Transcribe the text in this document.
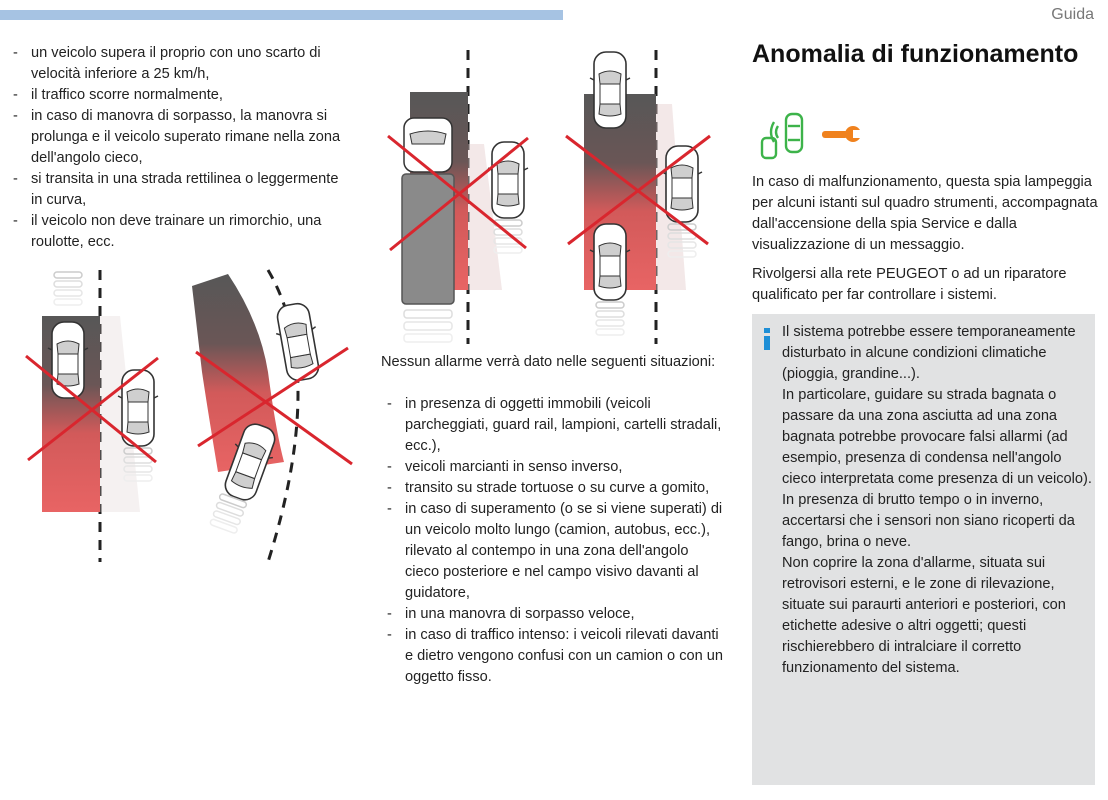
Guida
- un veicolo supera il proprio con uno scarto di velocità inferiore a 25 km/h,
- il traffico scorre normalmente,
- in caso di manovra di sorpasso, la manovra si prolunga e il veicolo superato rimane nella zona dell'angolo cieco,
- si transita in una strada rettilinea o leggermente in curva,
- il veicolo non deve trainare un rimorchio, una roulotte, ecc.
Nessun allarme verrà dato nelle seguenti situazioni:
- in presenza di oggetti immobili (veicoli parcheggiati, guard rail, lampioni, cartelli stradali, ecc.),
- veicoli marcianti in senso inverso,
- transito su strade tortuose o su curve a gomito,
- in caso di superamento (o se si viene superati) di un veicolo molto lungo (camion, autobus, ecc.), rilevato al contempo in una zona dell'angolo cieco posteriore e nel campo visivo davanti al guidatore,
- in una manovra di sorpasso veloce,
- in caso di traffico intenso: i veicoli rilevati davanti e dietro vengono confusi con un camion o con un oggetto fisso.
Anomalia di funzionamento
In caso di malfunzionamento, questa spia lampeggia per alcuni istanti sul quadro strumenti, accompagnata dall'accensione della spia Service e dalla visualizzazione di un messaggio.
Rivolgersi alla rete PEUGEOT o ad un riparatore qualificato per far controllare i sistemi.

Il sistema potrebbe essere temporaneamente disturbato in alcune condizioni climatiche (pioggia, grandine...).

In particolare, guidare su strada bagnata o passare da una zona asciutta ad una zona bagnata potrebbe provocare falsi allarmi (ad esempio, presenza di condensa nell'angolo cieco interpretata come presenza di un veicolo).

In presenza di brutto tempo o in inverno, accertarsi che i sensori non siano ricoperti da fango, brina o neve.

Non coprire la zona d'allarme, situata sui retrovisori esterni, e le zone di rilevazione, situate sui paraurti anteriori e posteriori, con etichette adesive o altri oggetti; questi rischierebbero di intralciare il corretto funzionamento del sistema.
